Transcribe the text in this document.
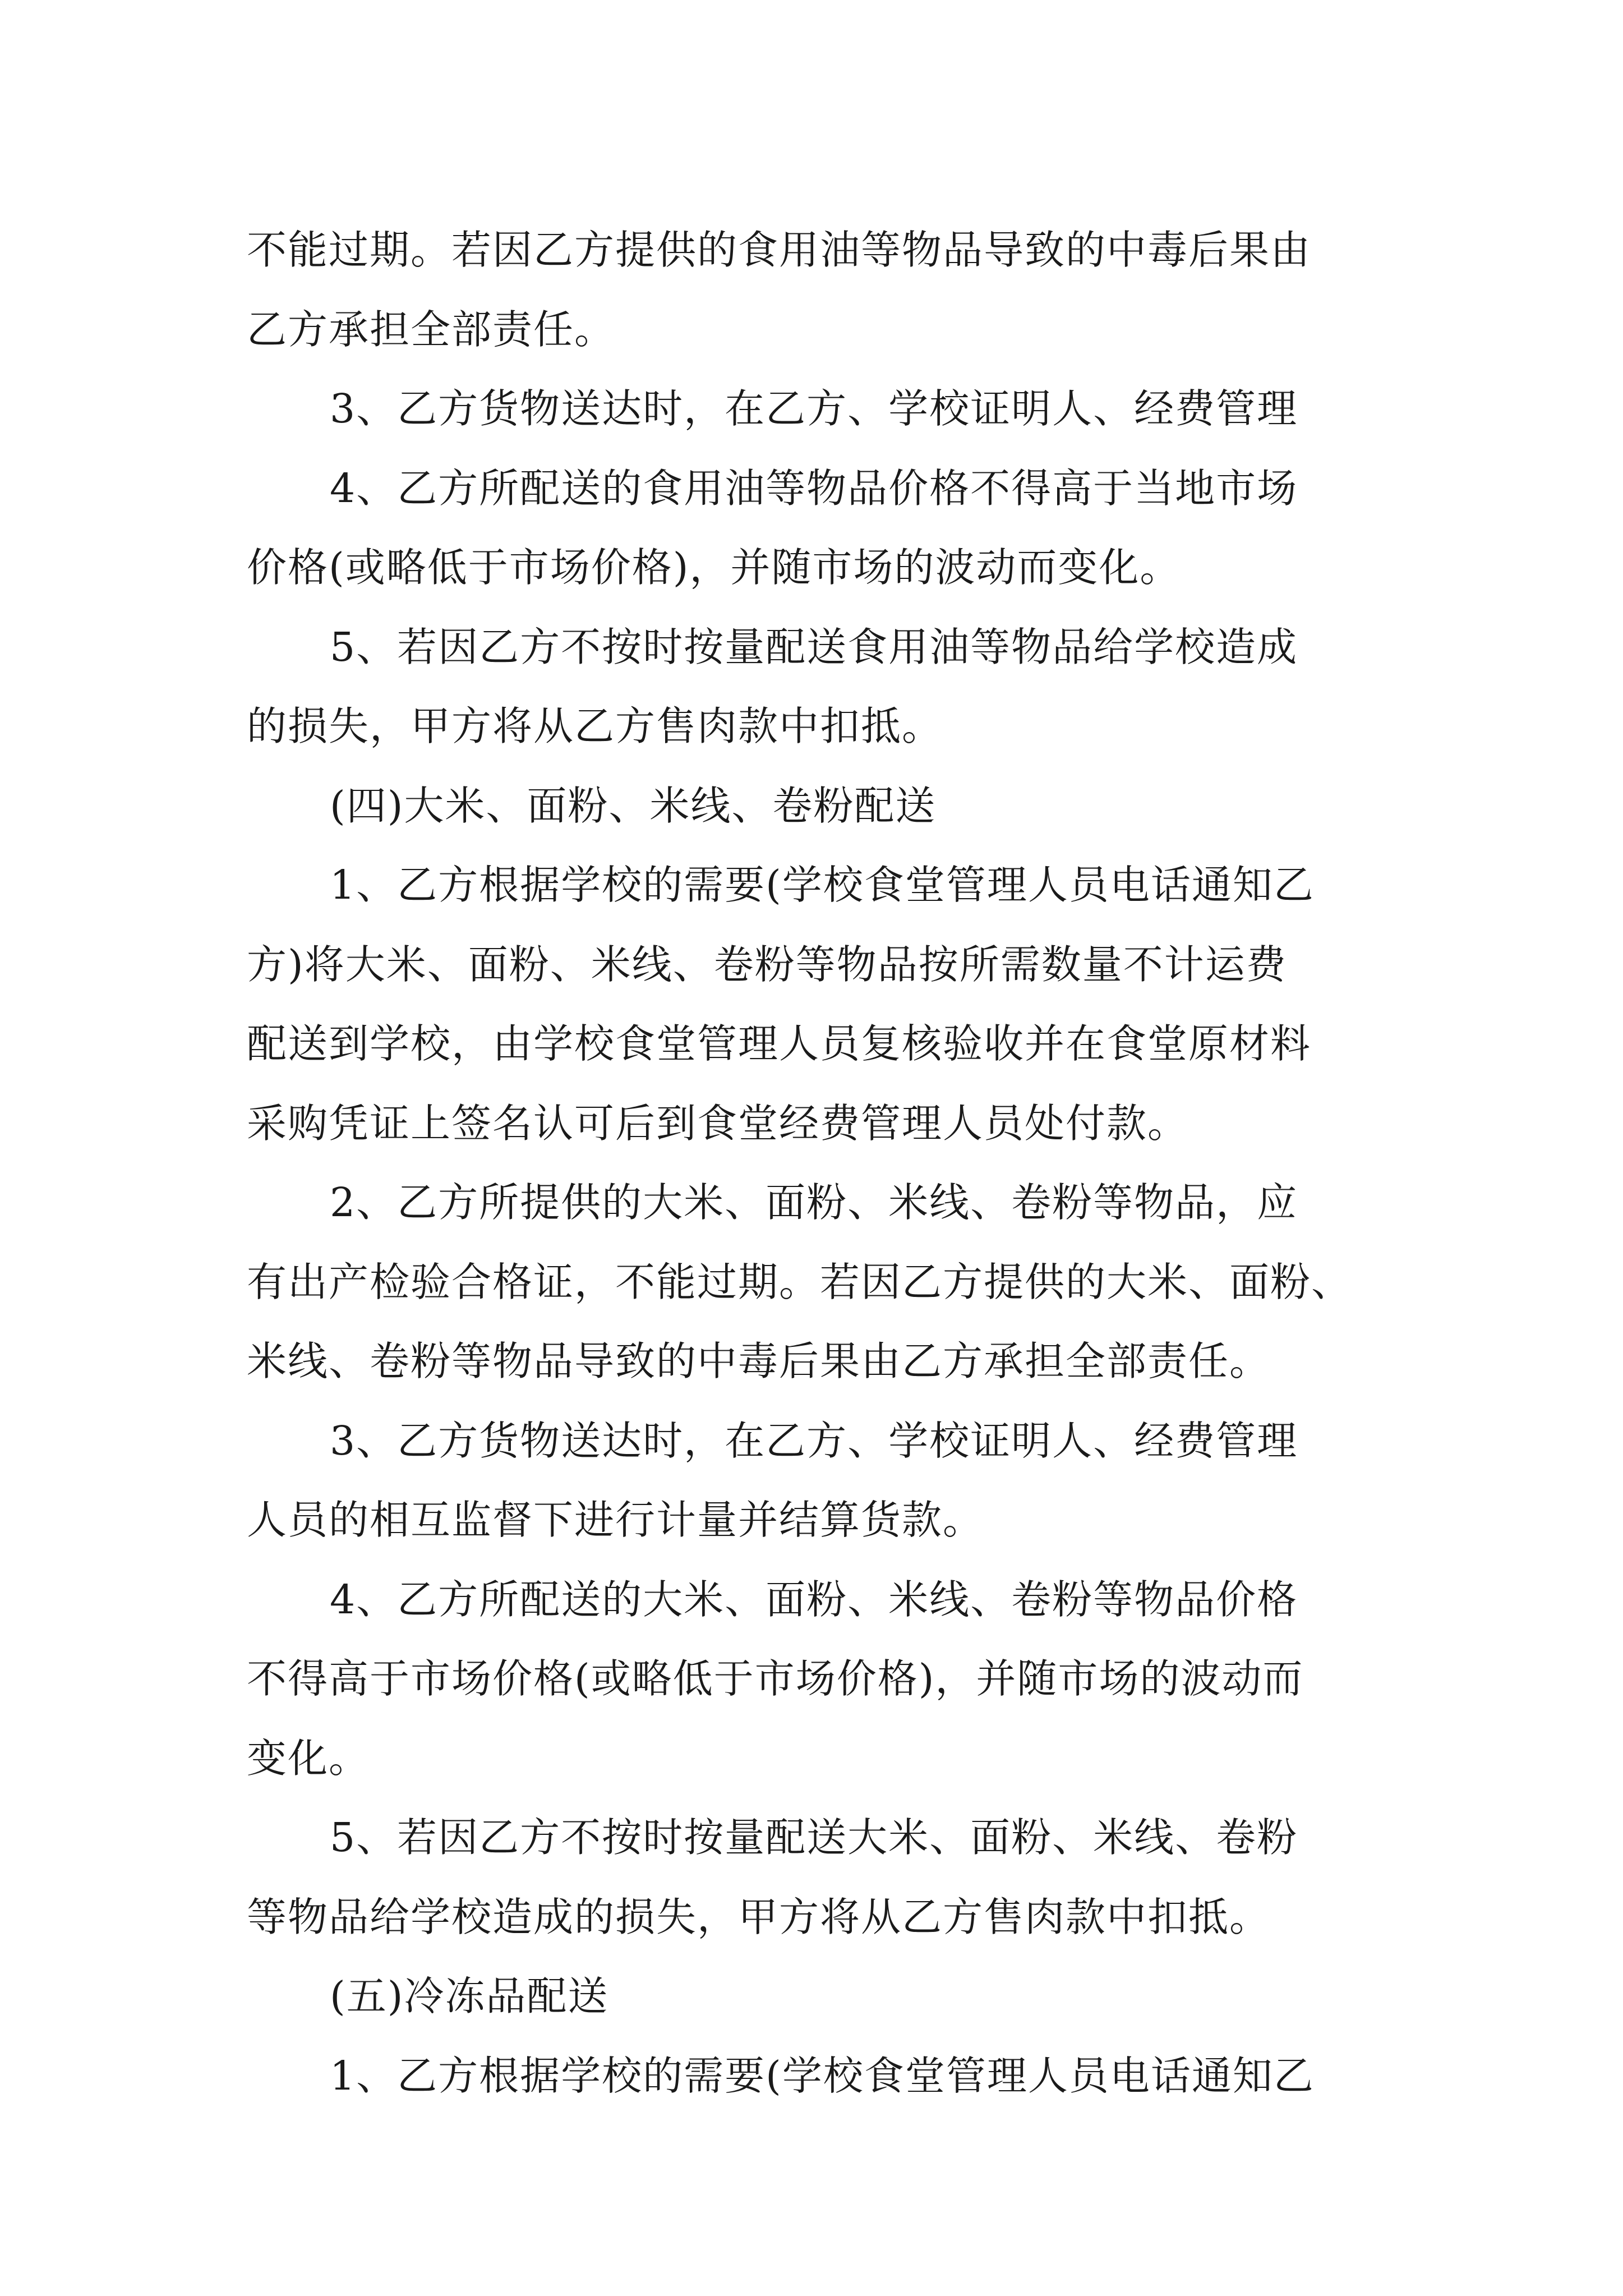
不能过期。若因乙方提供的食用油等物品导致的中毒后果由

乙方承担全部责任。

3、乙方货物送达时，在乙方、学校证明人、经费管理

4、乙方所配送的食用油等物品价格不得高于当地市场

价格(或略低于市场价格)，并随市场的波动而变化。

5、若因乙方不按时按量配送食用油等物品给学校造成

的损失，甲方将从乙方售肉款中扣抵。

(四)大米、面粉、米线、卷粉配送

1、乙方根据学校的需要(学校食堂管理人员电话通知乙

方)将大米、面粉、米线、卷粉等物品按所需数量不计运费

配送到学校，由学校食堂管理人员复核验收并在食堂原材料

采购凭证上签名认可后到食堂经费管理人员处付款。

2、乙方所提供的大米、面粉、米线、卷粉等物品，应

有出产检验合格证，不能过期。若因乙方提供的大米、面粉、

米线、卷粉等物品导致的中毒后果由乙方承担全部责任。

3、乙方货物送达时，在乙方、学校证明人、经费管理

人员的相互监督下进行计量并结算货款。

4、乙方所配送的大米、面粉、米线、卷粉等物品价格

不得高于市场价格(或略低于市场价格)，并随市场的波动而

变化。

5、若因乙方不按时按量配送大米、面粉、米线、卷粉

等物品给学校造成的损失，甲方将从乙方售肉款中扣抵。

(五)冷冻品配送

1、乙方根据学校的需要(学校食堂管理人员电话通知乙
